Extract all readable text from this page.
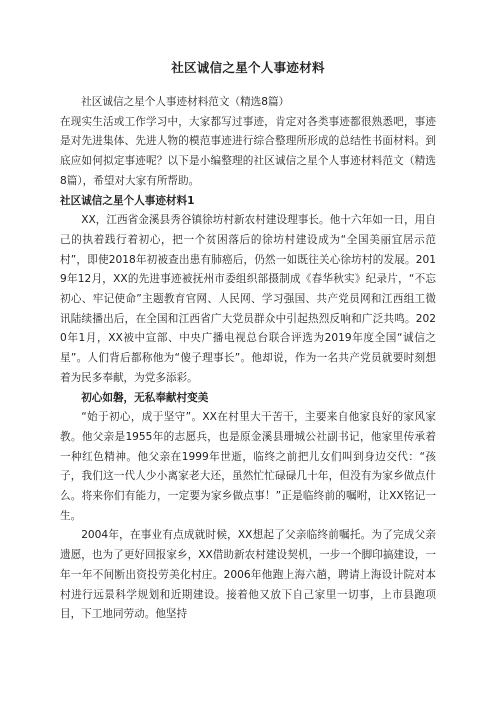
社区诚信之星个人事迹材料

社区诚信之星个人事迹材料范文（精选8篇）

在现实生活或工作学习中，大家都写过事迹，肯定对各类事迹都很熟悉吧，事迹是对先进集体、先进人物的模范事迹进行综合整理所形成的总结性书面材料。到底应如何拟定事迹呢？以下是小编整理的社区诚信之星个人事迹材料范文（精选8篇），希望对大家有所帮助。

社区诚信之星个人事迹材料1

XX，江西省金溪县秀谷镇徐坊村新农村建设理事长。他十六年如一日，用自己的执着践行着初心，把一个贫困落后的徐坊村建设成为“全国美丽宜居示范村”，即使2018年初被查出患有肺癌后，仍然一如既往关心徐坊村的发展。2019年12月，XX的先进事迹被抚州市委组织部摄制成《春华秋实》纪录片，“不忘初心、牢记使命”主题教育官网、人民网、学习强国、共产党员网和江西组工微讯陆续播出后，在全国和江西省广大党员群众中引起热烈反响和广泛共鸣。2020年1月，XX被中宣部、中央广播电视总台联合评选为2019年度全国“诚信之星”。人们背后都称他为“傻子理事长”。他却说，作为一名共产党员就要时刻想着为民多奉献，为党多添彩。

初心如磐，无私奉献村变美

“始于初心，成于坚守”。XX在村里大干苦干，主要来自他家良好的家风家教。他父亲是1955年的志愿兵，也是原金溪县珊城公社副书记，他家里传承着一种红色精神。他父亲在1999年世逝，临终之前把儿女们叫到身边交代：“孩子，我们这一代人少小离家老大还，虽然忙忙碌碌几十年，但没有为家乡做点什么。将来你们有能力，一定要为家乡做点事！”正是临终前的嘱咐，让XX铭记一生。

2004年，在事业有点成就时候，XX想起了父亲临终前嘱托。为了完成父亲遗愿，也为了更好回报家乡，XX借助新农村建设契机，一步一个脚印搞建设，一年一年不间断出资投劳美化村庄。2006年他跑上海六趟，聘请上海设计院对本村进行远景科学规划和近期建设。接着他又放下自己家里一切事，上市县跑项目，下工地同劳动。他坚持
